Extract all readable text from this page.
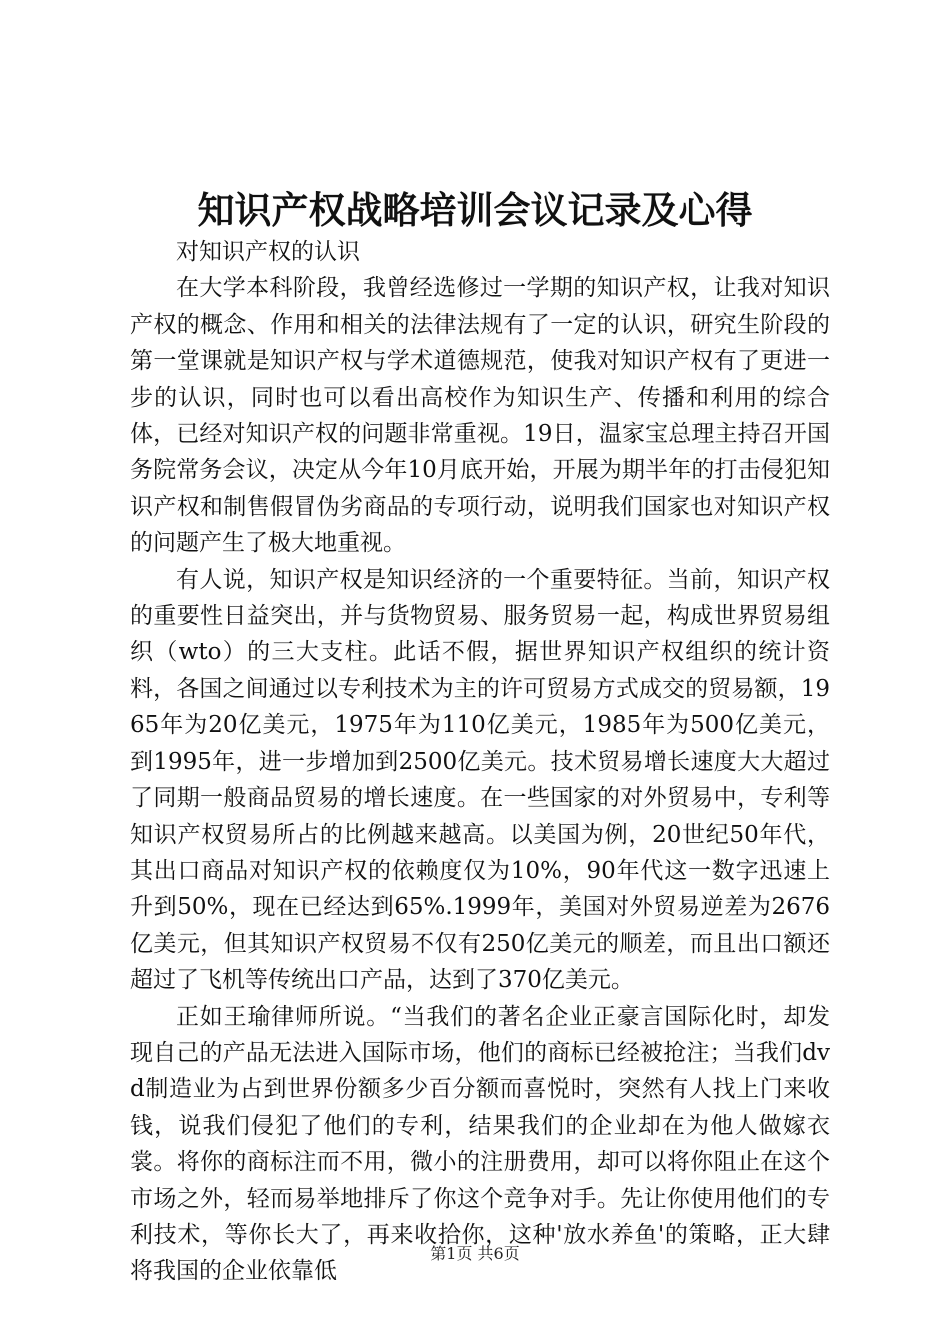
知识产权战略培训会议记录及心得

对知识产权的认识

在大学本科阶段，我曾经选修过一学期的知识产权，让我对知识产权的概念、作用和相关的法律法规有了一定的认识，研究生阶段的第一堂课就是知识产权与学术道德规范，使我对知识产权有了更进一步的认识，同时也可以看出高校作为知识生产、传播和利用的综合体，已经对知识产权的问题非常重视。19日，温家宝总理主持召开国务院常务会议，决定从今年10月底开始，开展为期半年的打击侵犯知识产权和制售假冒伪劣商品的专项行动，说明我们国家也对知识产权的问题产生了极大地重视。

有人说，知识产权是知识经济的一个重要特征。当前，知识产权的重要性日益突出，并与货物贸易、服务贸易一起，构成世界贸易组织（wto）的三大支柱。此话不假，据世界知识产权组织的统计资料，各国之间通过以专利技术为主的许可贸易方式成交的贸易额，1965年为20亿美元，1975年为110亿美元，1985年为500亿美元，到1995年，进一步增加到2500亿美元。技术贸易增长速度大大超过了同期一般商品贸易的增长速度。在一些国家的对外贸易中，专利等知识产权贸易所占的比例越来越高。以美国为例，20世纪50年代，其出口商品对知识产权的依赖度仅为10%，90年代这一数字迅速上升到50%，现在已经达到65%.1999年，美国对外贸易逆差为2676亿美元，但其知识产权贸易不仅有250亿美元的顺差，而且出口额还超过了飞机等传统出口产品，达到了370亿美元。

正如王瑜律师所说。“当我们的著名企业正豪言国际化时，却发现自己的产品无法进入国际市场，他们的商标已经被抢注；当我们dvd制造业为占到世界份额多少百分额而喜悦时，突然有人找上门来收钱，说我们侵犯了他们的专利，结果我们的企业却在为他人做嫁衣裳。将你的商标注而不用，微小的注册费用，却可以将你阻止在这个市场之外，轻而易举地排斥了你这个竞争对手。先让你使用他们的专利技术，等你长大了，再来收拾你，这种'放水养鱼'的策略，正大肆将我国的企业依靠低

第1页 共6页
